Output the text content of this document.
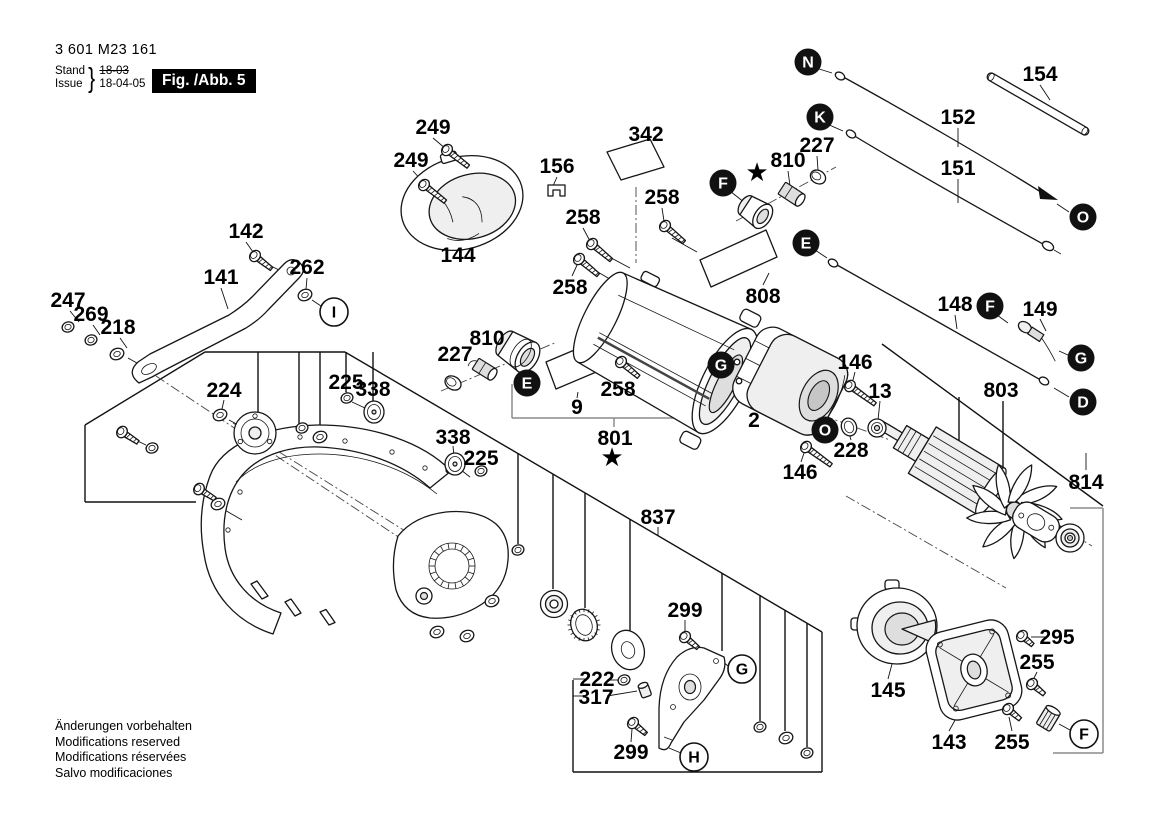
249
249
342
156
258
258
258
258
810
810
227
227
142
141 262
247
269
218
144
224	225
225
338
338
808
9
801
2
146
146
13
228
803
837
299
299
222
317	145
143
295
255
255
814
148 149
151
152
154
N
K
O
E
F
E
G
O
F
G
D
I
G
H
F
★
★
3 601 M23 161
Stand
Issue } 18-03
18-04-05	Fig. /Abb. 5
Änderungen vorbehalten
Modifications reserved
Modifications réservées
Salvo modificaciones
